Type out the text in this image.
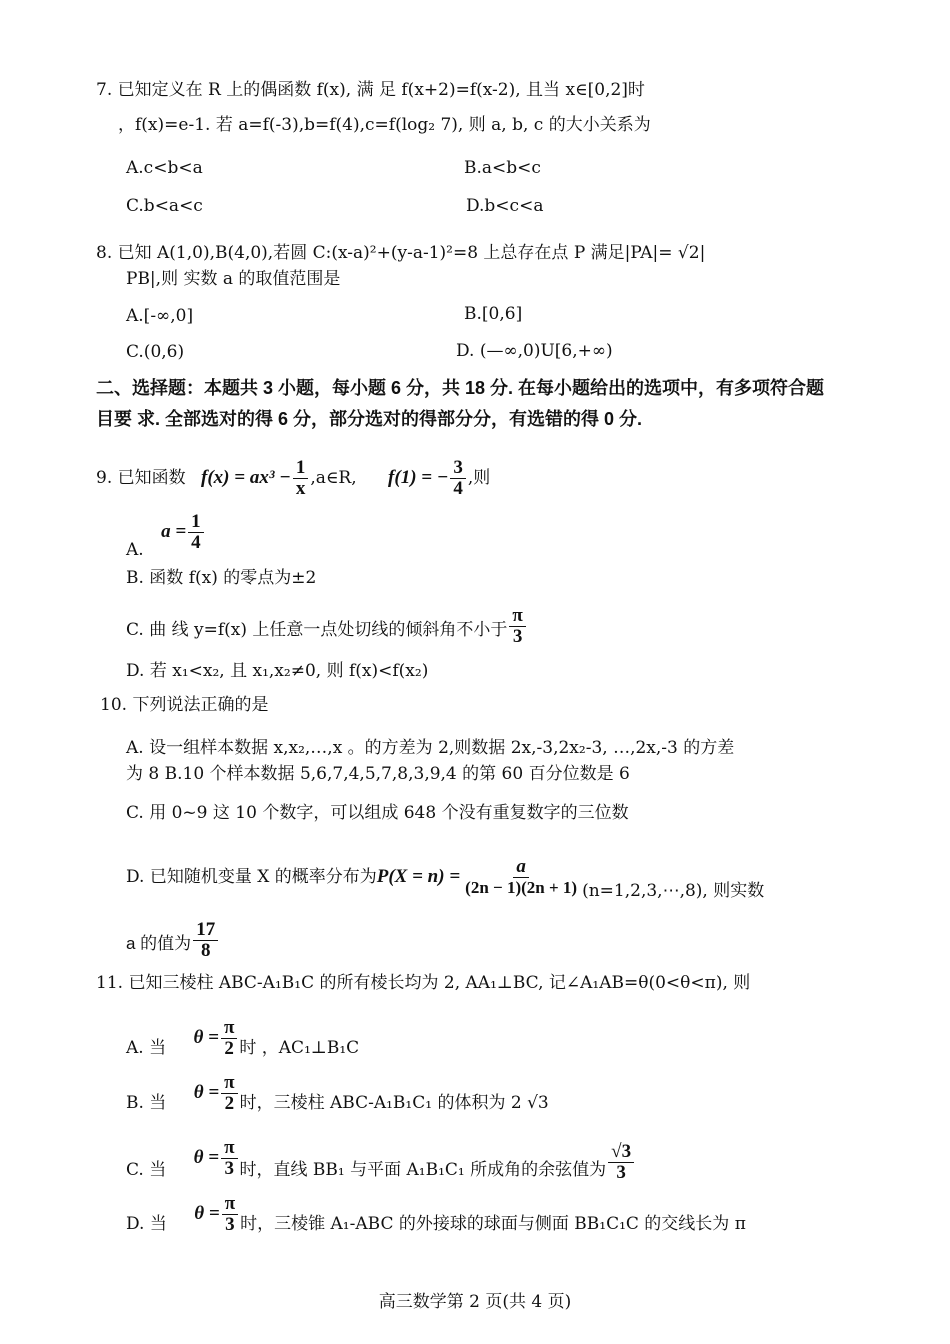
7. 已知定义在 R 上的偶函数 f(x), 满 足 f(x+2)=f(x-2), 且当 x∈[0,2]时
，f(x)=e-1. 若 a=f(-3),b=f(4),c=f(log₂ 7), 则 a, b, c 的大小关系为
A.c<b<a	B.a<b<c
C.b<a<c	D.b<c<a
8. 已知 A(1,0),B(4,0),若圆 C:(x-a)²+(y-a-1)²=8 上总存在点 P 满足|PA|= √2|
PB|,则 实数 a 的取值范围是
A.[-∞,0]	B.[0,6]
C.(0,6)	D. (—∞,0)U[6,+∞)
二、选择题：本题共 3 小题，每小题 6 分，共 18 分. 在每小题给出的选项中，有多项符合题
目要 求. 全部选对的得 6 分，部分选对的得部分分，有选错的得 0 分.
9. 已知函数 $f(x) = ax^3 - \frac{1}{x}$ ,a∈R, f(1) = − $\frac{3}{4}$ ,则
A. $a = \frac{1}{4}$
B. 函数 f(x) 的零点为±2
C. 曲 线 y=f(x) 上任意一点处切线的倾斜角不小于 $\frac{\pi}{3}$
D. 若 x₁<x₂, 且 x₁,x₂≠0, 则 f(x)<f(x₂)
10. 下列说法正确的是
A. 设一组样本数据 x,x₂,…,x 。的方差为 2,则数据 2x,-3,2x₂-3, …,2x,-3 的方差
为 8 B.10 个样本数据 5,6,7,4,5,7,8,3,9,4 的第 60 百分位数是 6
C. 用 0~9 这 10 个数字，可以组成 648 个没有重复数字的三位数
D. 已知随机变量 X 的概率分布为$P(X = n) = \frac{a}{(2n - 1)(2n + 1)}$ (n=1,2,3,⋯,8), 则实数
a 的值为 $\frac{17}{8}$
11. 已知三棱柱 ABC-A₁B₁C 的所有棱长均为 2, AA₁⊥BC, 记∠A₁AB=θ(0<θ<π), 则
A. 当 $\theta = \frac{\pi}{2}$ 时 ，AC₁⊥B₁C
B. 当 $\theta = \frac{\pi}{2}$ 时，三棱柱 ABC-A₁B₁C₁ 的体积为 2 √3
C. 当 $\theta = \frac{\pi}{3}$ 时，直线 BB₁ 与平面 A₁B₁C₁ 所成角的余弦值为 $\frac{√3}{3}$
D. 当 $\theta = \frac{\pi}{3}$ 时，三棱锥 A₁-ABC 的外接球的球面与侧面 BB₁C₁C 的交线长为 π
高三数学第 2 页(共 4 页)
